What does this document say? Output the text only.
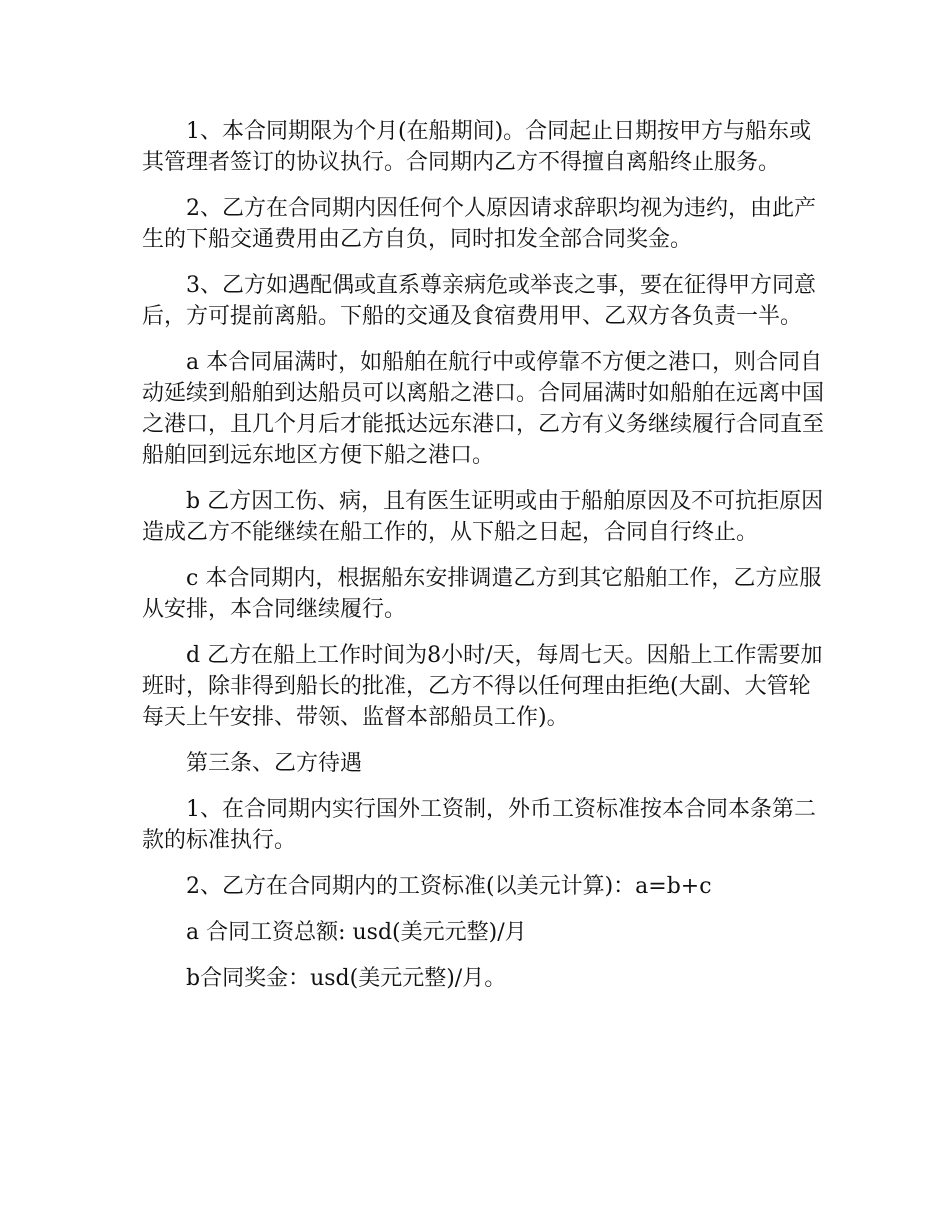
1、本合同期限为个月(在船期间)。合同起止日期按甲方与船东或其管理者签订的协议执行。合同期内乙方不得擅自离船终止服务。

2、乙方在合同期内因任何个人原因请求辞职均视为违约，由此产生的下船交通费用由乙方自负，同时扣发全部合同奖金。

3、乙方如遇配偶或直系尊亲病危或举丧之事，要在征得甲方同意后，方可提前离船。下船的交通及食宿费用甲、乙双方各负责一半。

a 本合同届满时，如船舶在航行中或停靠不方便之港口，则合同自动延续到船舶到达船员可以离船之港口。合同届满时如船舶在远离中国之港口，且几个月后才能抵达远东港口，乙方有义务继续履行合同直至船舶回到远东地区方便下船之港口。

b 乙方因工伤、病，且有医生证明或由于船舶原因及不可抗拒原因造成乙方不能继续在船工作的，从下船之日起，合同自行终止。

c 本合同期内，根据船东安排调遣乙方到其它船舶工作，乙方应服从安排，本合同继续履行。

d 乙方在船上工作时间为8小时/天，每周七天。因船上工作需要加班时，除非得到船长的批准，乙方不得以任何理由拒绝(大副、大管轮每天上午安排、带领、监督本部船员工作)。

第三条、乙方待遇

1、在合同期内实行国外工资制，外币工资标准按本合同本条第二款的标准执行。

2、乙方在合同期内的工资标准(以美元计算)：a=b+c

a 合同工资总额: usd(美元元整)/月

b合同奖金：usd(美元元整)/月。
